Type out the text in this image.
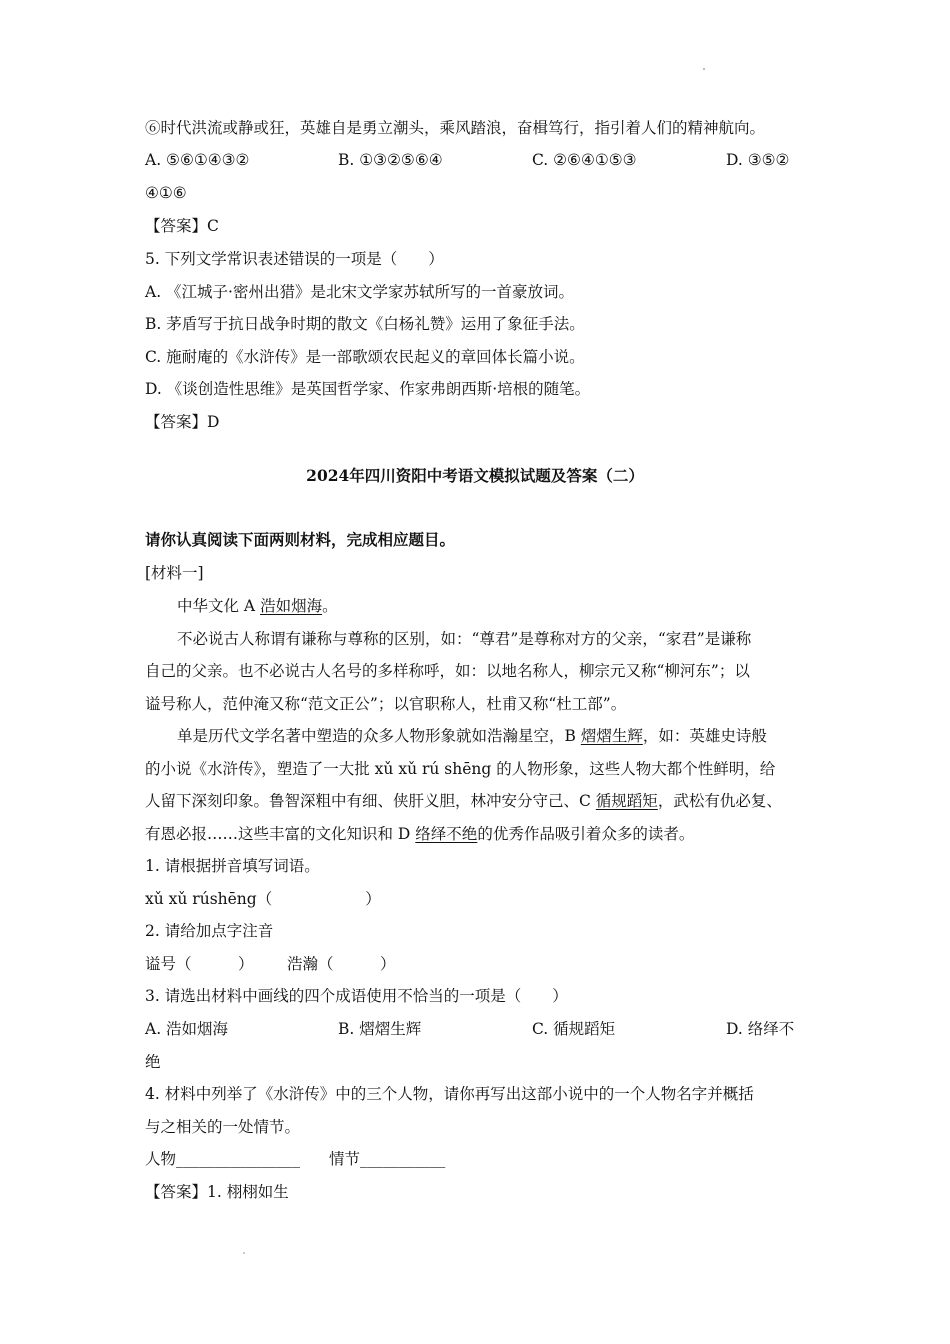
⑥时代洪流或静或狂，英雄自是勇立潮头，乘风踏浪，奋楫笃行，指引着人们的精神航向。
A. ⑤⑥①④③②	B. ①③②⑤⑥④	C. ②⑥④①⑤③	D. ③⑤②
④①⑥
【答案】C
5. 下列文学常识表述错误的一项是（　　）
A. 《江城子·密州出猎》是北宋文学家苏轼所写的一首豪放词。
B. 茅盾写于抗日战争时期的散文《白杨礼赞》运用了象征手法。
C. 施耐庵的《水浒传》是一部歌颂农民起义的章回体长篇小说。
D. 《谈创造性思维》是英国哲学家、作家弗朗西斯·培根的随笔。
【答案】D
2024年四川资阳中考语文模拟试题及答案（二）
请你认真阅读下面两则材料，完成相应题目。
[材料一]
中华文化 A 浩如烟海。
不必说古人称谓有谦称与尊称的区别，如：“尊君”是尊称对方的父亲，“家君”是谦称
自己的父亲。也不必说古人名号的多样称呼，如：以地名称人，柳宗元又称“柳河东”；以
谥号称人，范仲淹又称“范文正公”；以官职称人，杜甫又称“杜工部”。
单是历代文学名著中塑造的众多人物形象就如浩瀚星空，B 熠熠生辉，如：英雄史诗般
的小说《水浒传》，塑造了一大批 xǔ xǔ rú shēng 的人物形象，这些人物大都个性鲜明，给
人留下深刻印象。鲁智深粗中有细、侠肝义胆，林冲安分守己、C 循规蹈矩，武松有仇必复、
有恩必报……这些丰富的文化知识和 D 络绎不绝的优秀作品吸引着众多的读者。
1. 请根据拼音填写词语。
xǔ xǔ rúshēng（　　　　　　）
2. 请给加点字注音
谥号（　　　） 浩瀚（　　　）
3. 请选出材料中画线的四个成语使用不恰当的一项是（　　）
A. 浩如烟海	B. 熠熠生辉	C. 循规蹈矩	D. 络绎不
绝
4. 材料中列举了《水浒传》中的三个人物，请你再写出这部小说中的一个人物名字并概括
与之相关的一处情节。
人物________________ 情节___________
【答案】1. 栩栩如生
